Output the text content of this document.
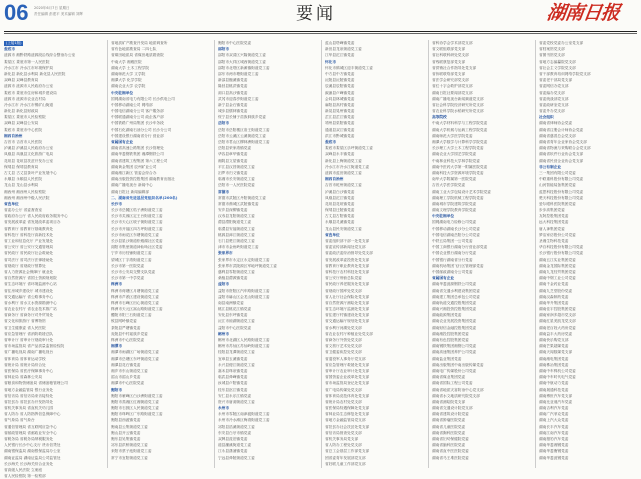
06 2020年6月7日 星期日
责任编辑 彭建平 美术编辑 刘辉	要闻	湖南日报
(上接1版)
娄底市
涟源市 湘黔铁路涟源段沿线综合整治办公室
娄星区 娄底市第一人民医院
冷水江市 冷水江市环境保护局
新化县 新化县水利局 新化县人民医院
双峰县 双峰县教育局
涟源市 涟源市人民政府办公室
娄底市 娄底市住房和城乡建设局
涟源市 涟源市农业农村局
冷水江市 冷水江市锡矿山街道
新化县 新化县财政局
娄星区 娄底市人民检察院
双峰县 双峰县公安局
娄底市 娄底市中心医院
湘西自治州
吉首市 吉首市人民医院
泸溪县 泸溪县人民政府办公室
凤凰县 凤凰县文化旅游广电局
花垣县 花垣县扶贫开发办公室
保靖县 保靖县教育局
古丈县 古丈县茶叶产业发展中心
永顺县 永顺县人民医院
龙山县 龙山县水利局
湘西州 湘西州人民检察院
湘西州 湘西州中级人民法院
省直单位
省委办公厅 省委督查室
省政府办公厅 省人民政府政务服务中心
省发展改革委 省发展改革委项目办
省教育厅 省教育厅基础教育处
省科技厅 省科技厅高新技术处
省工业和信息化厅 产业发展处
省公安厅 省公安厅交通管理局
省民政厅 省民政厅社会救助处
省司法厅 省司法厅法律援助处
省财政厅 省财政厅预算处
省人力资源社会保障厅 就业处
省自然资源厅 省国土资源规划院
省生态环境厅 省环境监测中心站
省住房城乡建设厅 城市建设处
省交通运输厅 省公路事务中心
省水利厅 省水文水资源勘测中心
省农业农村厅 省农业技术推广站
省商务厅 省商务厅对外贸易处
省文化和旅游厅 省博物馆
省卫生健康委 省人民医院
省应急管理厅 省消防救援总队
省审计厅 省审计厅财政审计处
省市场监管局 省产品质量监督检验院
省广播电视局 湖南广播电视台
省体育局 省体育运动学校
省统计局 省统计局综合处
省医保局 省医疗保障事务中心
省林业局 省森林公安局
省粮食和物资储备局 省储备粮管理公司
省地方金融监管局 银行业务处
省信访局 省信访局来访接待处
省扶贫办 省扶贫办开发指导处
省机关事务局 省直机关幼儿园
省人防办 省人防指挥信息保障中心
省气象局 省气象台
省通信管理局 省互联网应急中心
省邮政管理局 省邮政业安全中心
省税务局 省税务局纳税服务处
人民银行长沙中心支行 货币信贷处
湖南银保监局 湖南银保监局办公室
湖南证监局 湖南证监局公司监管处
长沙海关 长沙海关综合业务处
省高级人民法院 立案庭
省人民检察院 第一检察部
省地质矿产勘查开发局 地质调查所
省有色地质勘查局 二四七队
省煤田地质局 省煤田地质勘查院
中南大学 湘雅医院
湖南大学 土木工程学院
湖南师范大学 文学院
湘潭大学 化学学院
湖南农业大学 农学院
中央驻湘单位
国网湖南省电力有限公司 长沙供电公司
中国移动湖南公司 网络部
中国电信湖南分公司 客户服务部
中国联通湖南分公司 政企客户部
中国铁路广州局集团 长沙车务段
中国石化湖南石油分公司 长沙分公司
中国建设银行湖南省分行 营业部
省属国有企业
湖南省高速公路集团 长沙管理处
湖南华菱钢铁集团 湘潭钢铁公司
湖南省建筑工程集团 第六工程公司
湖南黄金集团 辰州矿业公司
湖南湘江新区 管委会综合办
湖南出版投资控股集团 湖南教育出版社
湖南广播电视台 新闻中心
湖南日报社 新闻编辑部
二、湖南省先进基层党组织名单(200名)
长沙市
长沙市岳麓区桔子洲街道党工委
长沙市芙蓉区定王台街道党工委
长沙市天心区坡子街街道党工委
长沙市开福区四方坪街道党工委
长沙市雨花区东塘街道党工委
长沙县星沙街道松雅湖社区党委
浏阳市集里街道神仙坳社区党委
宁乡市历经铺街道党工委
望城区丁字湾街道党工委
长沙市第一医院党委
长沙市公安局交警支队党委
长沙市第一中学党委
株洲市
株洲市荷塘区月塘街道党工委
株洲市芦淞区建设街道党工委
株洲市石峰区田心街道党工委
株洲市天元区嵩山路街道党工委
醴陵市阳三石街道党工委
攸县网岭镇党委
茶陵县严塘镇党委
炎陵县中村瑶族乡党委
株洲市中心医院党委
湘潭市
湘潭市雨湖区广场街道党工委
湘潭市岳塘区东坪街道党工委
湘潭县花石镇党委
湘乡市东山街道党工委
韶山市韶山乡党委
湘潭市中心医院党委
衡阳市
衡阳市雁峰区白沙洲街道党工委
衡阳市蒸湘区红湘街道党工委
衡阳市石鼓区人民街道党工委
衡阳市珠晖区广东路街道党工委
衡阳县西渡镇党委
衡南县云集街道党工委
衡山县开云镇党委
衡东县吴集镇党委
祁东县洪桥街道党工委
耒阳市蔡子池街道党工委
常宁市宜阳街道党工委
衡阳市中心医院党委
邵阳市
邵阳市双清区兴隆街道党工委
邵阳市大祥区城西街道党工委
邵阳市北塔区新滩镇街道党工委
邵东市两市塘街道党工委
新邵县酿溪镇党委
隆回县桃洪镇党委
洞口县高沙镇党委
武冈市迎春亭街道党工委
新宁县金石镇党委
城步县儒林镇党委
绥宁县长铺子苗族侗族乡党委
岳阳市
岳阳市岳阳楼区洛王街道党工委
岳阳市云溪区云溪街道党工委
岳阳市君山区柳林洲街道党工委
岳阳县荣家湾镇党委
华容县章华镇党委
湘阴县文星镇党委
平江县汉昌街道党工委
汨罗市归义镇党委
临湘市长安街道党工委
岳阳市一人民医院党委
常德市
常德市武陵区丹阳街道党工委
常德市鼎城区武陵镇党委
安乡县深柳镇党委
汉寿县龙阳街道党工委
澧县澧阳街道党工委
临澧县安福街道党工委
桃源县漳江街道党工委
石门县楚江街道党工委
津市市金鱼岭街道党工委
张家界市
张家界市永定区永定街道党工委
张家界市武陵源区军地坪街道党工委
慈利县零阳街道党工委
桑植县澧源镇党委
益阳市
益阳市资阳区汽车路街道党工委
益阳市赫山区会龙山街道党工委
南县南洲镇党委
桃江县桃花江镇党委
安化县东坪镇党委
沅江市琼湖街道党工委
益阳市中心医院党委
郴州市
郴州市北湖区人民路街道党工委
郴州市苏仙区苏仙岭街道党工委
桂阳县龙潭街道党工委
宜章县玉溪镇党委
永兴县便江街道党工委
嘉禾县珠泉镇党委
临武县舜峰镇党委
汝城县卢阳镇党委
桂东县沤江镇党委
安仁县永乐江镇党委
资兴市唐洞街道党工委
永州市
永州市零陵区南津渡街道党工委
永州市冷水滩区梅湾街道党工委
祁阳县浯溪街道党工委
东安县白牙市镇党委
双牌县泷泊镇党委
道县濂溪街道党工委
江永县潇浦镇党委
宁远县舜陵街道党工委
蓝山县塔峰镇党委
新田县龙泉街道党工委
江华县沱江镇党委
怀化市
怀化市鹤城区迎丰街道党工委
中方县中方镇党委
沅陵县沅陵镇党委
辰溪县辰阳镇党委
溆浦县卢峰镇党委
会同县林城镇党委
麻阳县高村镇党委
新晃县晃州镇党委
芷江县芷江镇党委
靖州县渠阳镇党委
通道县双江镇党委
洪江市黔城镇党委
娄底市
娄底市娄星区乐坪街道党工委
双峰县永丰镇党委
新化县上梅街道党工委
冷水江市冷水江街道党工委
涟源市蓝田街道党工委
湘西自治州
吉首市乾州街道党工委
泸溪县白沙镇党委
凤凰县沱江镇党委
花垣县花垣镇党委
保靖县迁陵镇党委
古丈县古阳镇党委
永顺县灵溪镇党委
龙山县民安街道党工委
省直单位
省委组织部干部一处党支部
省委宣传部新闻处党支部
省委政法委综治督导处党支部
省发展改革委投资处党支部
省教育厅职业教育处党支部
省科技厅农村科技处党支部
省公安厅刑侦总队党委
省民政厅养老服务处党支部
省财政厅国库处党支部
省人社厅社会保险处党支部
省自然资源厅测绘处党支部
省生态环境厅监测处党支部
省住建厅村镇建设处党支部
省交通运输厅规划处党支部
省水利厅河湖处党支部
省农业农村厅种植业处党支部
省商务厅外资处党支部
省文旅厅艺术处党支部
省卫健委疾控处党支部
省退役军人事务厅党支部
省应急管理厅救援处党支部
省审计厅农业审计处党支部
省国资委企业改革处党支部
省市场监管局登记处党支部
省广电局传媒处党支部
省体育局竞技体育处党支部
省统计局农村处党支部
省医保局待遇保障处党支部
省林业局生态修复处党支部
省地方金融监管局党支部
省扶贫办社会扶贫处党支部
省信访局督查处党支部
省机关事务局党支部
省人防办工程处党支部
省总工会基层工作部党支部
团省委青年发展部党支部
省妇联儿童工作部党支部
省科协学会学术部党支部
省文联组联部党支部
省社科联科研处党支部
省残联康复部党支部
省供销社合作指导处党支部
省侨联联络部党支部
省法学会研究部党支部
省红十字会救护部党支部
湖南日报社要闻部党支部
湖南广播电视台新闻频道党支部
省社会科学院经济研究所党支部
省农业科学院水稻研究所党支部
高等院校
中南大学材料科学与工程学院党委
湖南大学机械与运载工程学院党委
湖南师范大学医学院党委
湘潭大学数学与计算科学学院党委
长沙理工大学土木工程学院党委
湖南农业大学园艺学院党委
中南林业科技大学林学院党委
湖南中医药大学第一附属医院党委
湖南科技大学资源环境学院党委
南华大学附属第一医院党委
吉首大学医学院党委
湖南工业大学包装设计艺术学院党委
湖南理工学院机械工程学院党委
湖南城市学院建筑学院党委
湖南文理学院教育学院党委
中央驻湘单位
国网湖南电力检修公司党委
中国移动湖南长沙分公司党委
中国电信湖南岳阳分公司党委
中铁五局集团一公司党委
中国工商银行湖南分行营业部党委
中国农业银行湖南分行党委
中国银行湖南省分行党委
湖南机场集团飞行区管理部党委
中国邮政湖南分公司党委
省属国有企业
湖南华菱涟源钢铁公司党委
湖南省交通水利建设集团党委
湖南建工集团总承包公司党委
湖南轨道交通控股集团党委
湖南兴湘投资控股集团党委
湖南能源集团党委
湖南农业发展投资集团党委
湖南财信金融控股集团党委
湖南湘投控股集团党委
湖南有色控股集团党委
湖南钢铁集团湘钢公司党委
湖南高速集团养护公司党委
湖南盐业集团党委
湖南出版集团中南出版传媒党委
湖南电广传媒股份公司党委
湖南省煤业集团党委
湖南省国际工程公司党委
湖南省地质灾害防治中心党支部
湖南省水文地质研究院党支部
湖南省测绘院党支部
湖南省交通设计院党支部
湖南省建筑设计院党委
湖南省肿瘤医院党委
湖南省儿童医院党委
湖南省胸科医院党委
湖南省妇幼保健院党委
湖南省脑科医院党委
湖南省直中医医院党委
湖南省马王堆医院党委
省委党校党委办公室党支部
省档案馆党支部
省图书馆党支部
省地方志编纂院党支部
省社会主义学院党支部
省干部教育培训网络学院党支部
省委老干部局党支部
省委网信办党支部
省委编办党支部
省委统战部党支部
省委政研室党支部
省委外办党支部
社会组织
湖南省律师协会党委
湖南省注册会计师协会党委
湖南省慈善总会党支部
湖南省青年企业家协会党支部
湖南省物流与采购联合会党支部
湖南省软件行业协会党支部
湖南省民营企业协会党支部
非公有制企业
三一集团有限公司党委
中联重科股份有限公司党委
山河智能装备集团党委
蓝思科技股份有限公司党委
楚天科技股份有限公司党委
爱尔眼科医院集团党委
步步高集团党委
友阿控股集团党委
远大科技集团党委
唐人神集团党委
梦洁家纺股份公司党委
圣湘生物科技党委
华自科技股份有限公司党委
长沙银行股份有限公司党委
湖南五江实业集团党委
湖南金龙国际集团党委
湖南九龙经贸集团党委
湖南中烟工业公司党委
湖南千金药业党委
湖南九芝堂股份党委
湖南汉森制药党委
湖南华升集团党委
湖南佳宇控股集团党委
湖南家润多超市党支部
湖南红星美凯龙党支部
湖南老百姓大药房党委
湖南益丰大药房党委
湖南快乐购党支部
湖南芒果超媒党委
湖南天闻数媒党支部
湖南湘电集团党委
湖南株冶集团党委
湖南中车株机公司党委
湖南中车时代电气党委
湖南中航动力党委
湖南晟通科技党委
湖南博世汽车党支部
湖南比亚迪汽车党委
湖南吉利汽车党委
湖南广汽菲克党委
湖南上汽大众党委
湖南长丰汽车党委
湖南江南汽车党委
湖南猎豹汽车党委
湖南华菱湘钢党委
湖南华菱衡钢党委
湖南华菱涟钢党委
